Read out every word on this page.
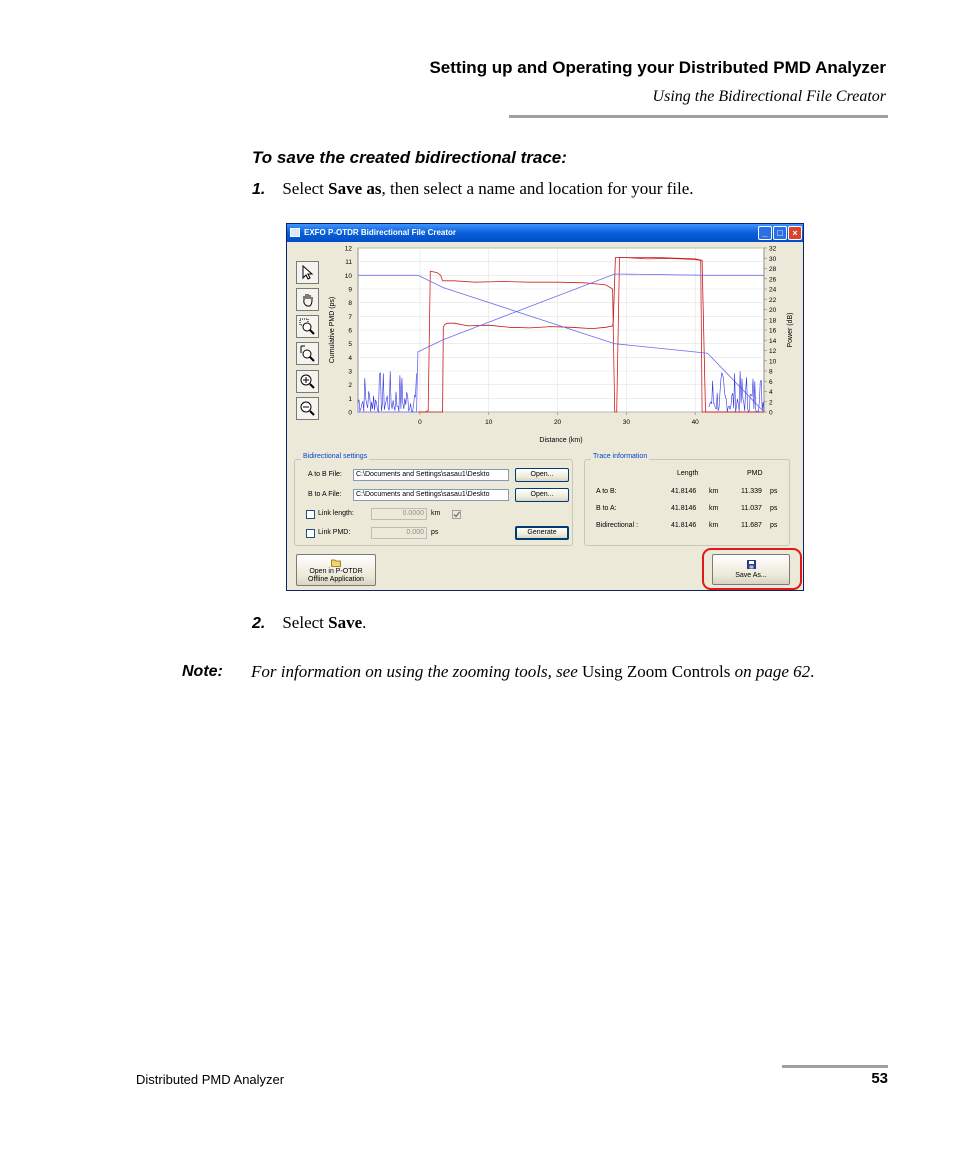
Setting up and Operating your Distributed PMD Analyzer
Using the Bidirectional File Creator
To save the created bidirectional trace:
1. Select Save as, then select a name and location for your file.
EXFO P-OTDR Bidirectional File Creator	_	□	×
0
1
2
3
4
5
6
7
8
9
10
11
12
0
2
4
6
8
10
12
14
16
18
20
22
24
26
28
30
32
0	10	20	30	40
Distance (km)
Cumulative PMD (ps)	Power (dB)
Bidirectional settings
A to B File:	C:\Documents and Settings\sasau1\Deskto	Open...
B to A File:	C:\Documents and Settings\sasau1\Deskto	Open...
Link length:	0.0000	km
Link PMD:	0.000	ps	Generate
Trace information
Length	PMD
A to B:	41.8146 km	11.339 ps
B to A:	41.8146 km	11.037 ps
Bidirectional :	41.8146 km	11.687 ps
Open in P-OTDR
Offline Application
Save As...
2. Select Save.
Note: For information on using the zooming tools, see Using Zoom Controls on page 62.
Distributed PMD Analyzer	53
